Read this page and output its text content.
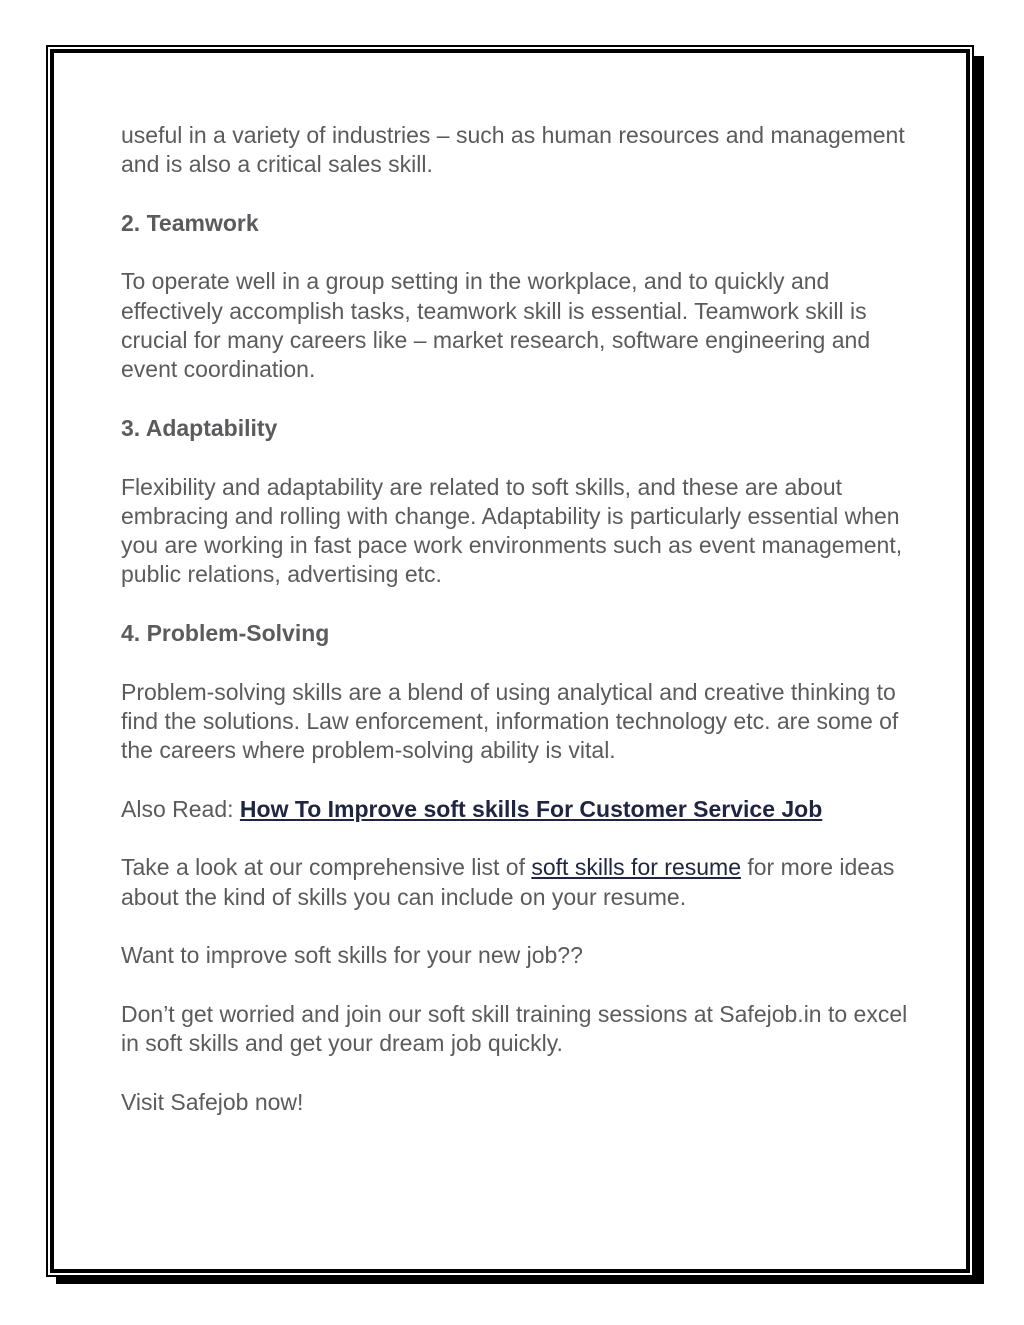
useful in a variety of industries – such as human resources and management and is also a critical sales skill.

2. Teamwork

To operate well in a group setting in the workplace, and to quickly and effectively accomplish tasks, teamwork skill is essential. Teamwork skill is crucial for many careers like – market research, software engineering and event coordination.

3. Adaptability

Flexibility and adaptability are related to soft skills, and these are about embracing and rolling with change. Adaptability is particularly essential when you are working in fast pace work environments such as event management, public relations, advertising etc.

4. Problem-Solving

Problem-solving skills are a blend of using analytical and creative thinking to find the solutions. Law enforcement, information technology etc. are some of the careers where problem-solving ability is vital.

Also Read: How To Improve soft skills For Customer Service Job

Take a look at our comprehensive list of soft skills for resume for more ideas about the kind of skills you can include on your resume.

Want to improve soft skills for your new job??

Don’t get worried and join our soft skill training sessions at Safejob.in to excel in soft skills and get your dream job quickly.

Visit Safejob now!
